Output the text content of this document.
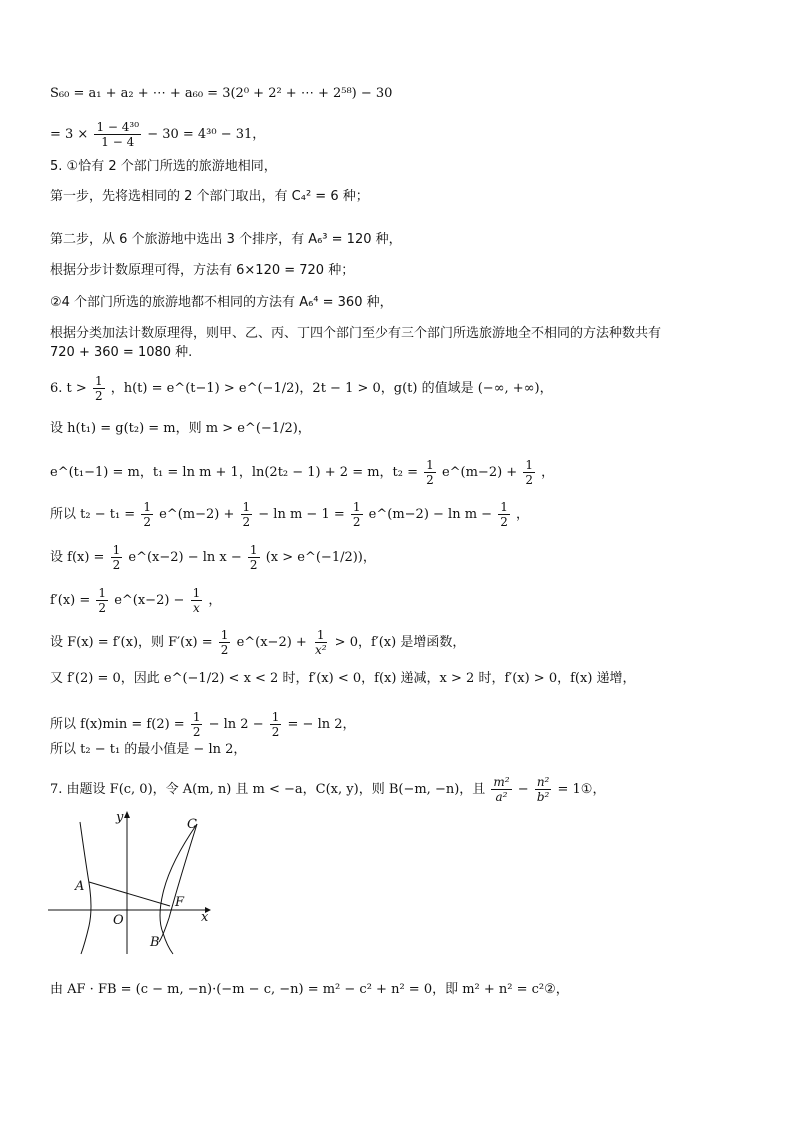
S₆₀ = a₁ + a₂ + ⋯ + a₆₀ = 3(2⁰ + 2² + ⋯ + 2⁵⁸) − 30
= $3 \times \frac{\text{1 − 4³⁰}}{1 - 4} - 30 = 4^{30} - 31$，
5. ①恰有 2 个部门所选的旅游地相同，
第一步，先将选相同的 2 个部门取出，有 C₄² = 6 种；
第二步，从 6 个旅游地中选出 3 个排序，有 A₆³ = 120 种，
根据分步计数原理可得，方法有 6×120 = 720 种；
②4 个部门所选的旅游地都不相同的方法有 A₆⁴ = 360 种，
根据分类加法计数原理得，则甲、乙、丙、丁四个部门至少有三个部门所选旅游地全不相同的方法种数共有
720 + 360 = 1080 种.
6. $t > \frac{1}{2}$ ，h(t) = e^(t−1) > e^(−1/2)，2t − 1 > 0，g(t) 的值域是 (−∞, +∞)，
设 h(t₁) = g(t₂) = m，则 m > e^(−1/2)，
e^(t₁−1) = m，t₁ = ln m + 1，ln(2t₂ − 1) + 2 = m，$t_2 = \frac{1}{2}$ e^(m−2) + $\frac{1}{2}$ ，
所以 $t_2 - t_1 = \frac{1}{2}$ e^(m−2) + $\frac{1}{2} - \ln m - 1 = \frac{1}{2}$ e^(m−2) − $\ln m - \frac{1}{2}$ ，
设 $f(x) = \frac{1}{2}$ e^(x−2) − $\ln x - \frac{1}{2} (x$ > e^(−1/2))，
$f'(x) = \frac{1}{2}$ e^(x−2) − $\frac{1}{x}$ ，
设 F(x) = f′(x)，则 $F'(x) = \frac{1}{2}$ e^(x−2) + $\frac{1}{\text{x²}} > 0$，f′(x) 是增函数，
又 f′(2) = 0，因此 e^(−1/2) < x < 2 时，f′(x) < 0，f(x) 递减，x > 2 时，f′(x) > 0，f(x) 递增，
所以 $f(x)\min = f(2) = \frac{1}{2} - \ln 2 - \frac{1}{2}$ = − ln 2，
所以 t₂ − t₁ 的最小值是 − ln 2，
7. 由题设 F(c, 0)，令 A(m, n) 且 m < −a，C(x, y)，则 B(−m, −n)，且 $\frac{\text{m²}}{\text{a²}} - \frac{\text{n²}}{\text{b²}}$ = 1①，
y
x
O
A
B
C
F
由 AF · FB = (c − m, −n)·(−m − c, −n) = m² − c² + n² = 0，即 m² + n² = c²②，
